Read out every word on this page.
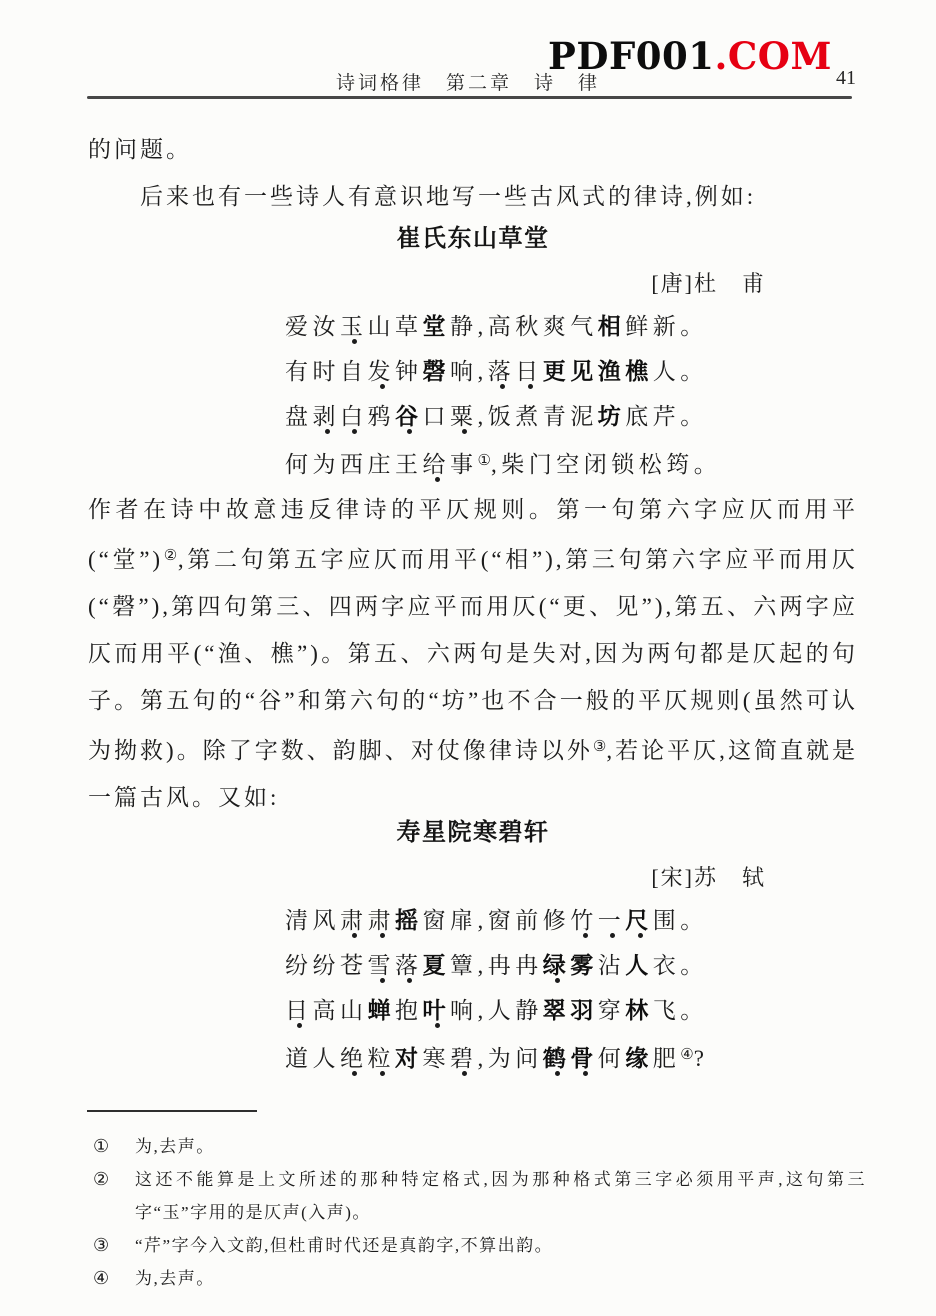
PDF001.COM
诗词格律　第二章　诗　律	41
的问题。
后来也有一些诗人有意识地写一些古风式的律诗,例如:
崔氏东山草堂
[唐]杜　甫
爱汝玉山草堂静,高秋爽气相鲜新。
有时自发钟磬响,落日更见渔樵人。
盘剥白鸦谷口粟,饭煮青泥坊底芹。
何为西庄王给事①,柴门空闭锁松筠。
作者在诗中故意违反律诗的平仄规则。第一句第六字应仄而用平(“堂”)②,第二句第五字应仄而用平(“相”),第三句第六字应平而用仄(“磬”),第四句第三、四两字应平而用仄(“更、见”),第五、六两字应仄而用平(“渔、樵”)。第五、六两句是失对,因为两句都是仄起的句子。第五句的“谷”和第六句的“坊”也不合一般的平仄规则(虽然可认为拗救)。除了字数、韵脚、对仗像律诗以外③,若论平仄,这简直就是一篇古风。又如:
寿星院寒碧轩
[宋]苏　轼
清风肃肃摇窗扉,窗前修竹一尺围。
纷纷苍雪落夏簟,冉冉绿雾沾人衣。
日高山蝉抱叶响,人静翠羽穿林飞。
道人绝粒对寒碧,为问鹤骨何缘肥④?
①	为,去声。
②	这还不能算是上文所述的那种特定格式,因为那种格式第三字必须用平声,这句第三字“玉”字用的是仄声(入声)。
③	“芹”字今入文韵,但杜甫时代还是真韵字,不算出韵。
④	为,去声。
